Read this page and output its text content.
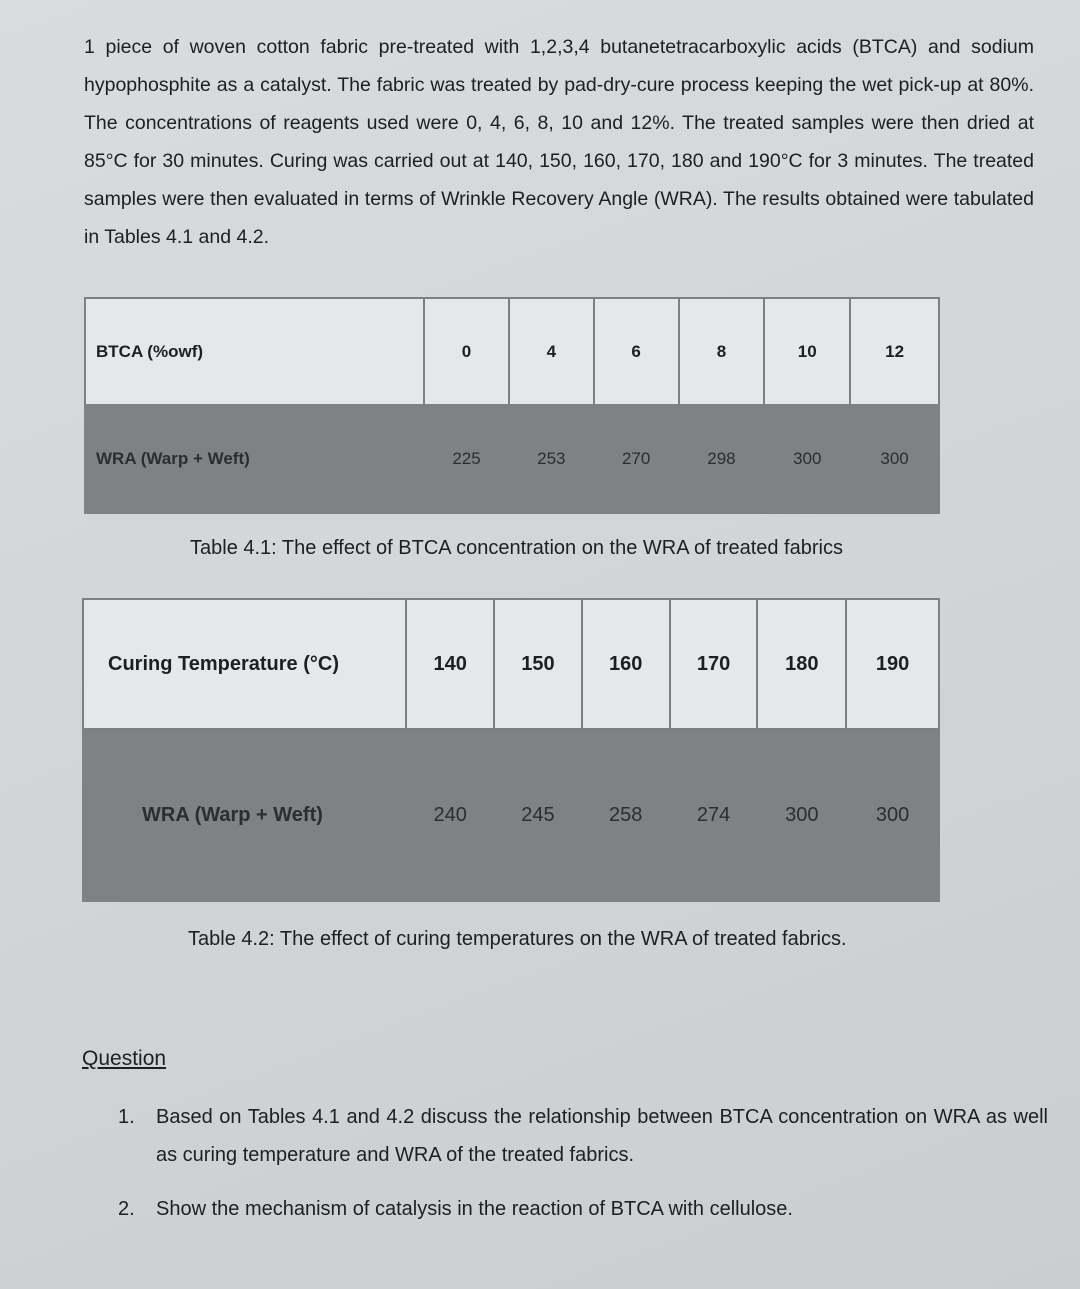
1 piece of woven cotton fabric pre-treated with 1,2,3,4 butanetetracarboxylic acids (BTCA) and sodium hypophosphite as a catalyst. The fabric was treated by pad-dry-cure process keeping the wet pick-up at 80%. The concentrations of reagents used were 0, 4, 6, 8, 10 and 12%. The treated samples were then dried at 85°C for 30 minutes. Curing was carried out at 140, 150, 160, 170, 180 and 190°C for 3 minutes. The treated samples were then evaluated in terms of Wrinkle Recovery Angle (WRA). The results obtained were tabulated in Tables 4.1 and 4.2.

BTCA (%owf)	0	4	6	8	10	12
WRA (Warp + Weft)	225	253	270	298	300	300
Table 4.1: The effect of BTCA concentration on the WRA of treated fabrics
Curing Temperature (°C)	140	150	160	170	180	190
WRA (Warp + Weft)	240	245	258	274	300	300
Table 4.2: The effect of curing temperatures on the WRA of treated fabrics.
Question
1.	Based on Tables 4.1 and 4.2 discuss the relationship between BTCA concentration on WRA as well as curing temperature and WRA of the treated fabrics.
2.	Show the mechanism of catalysis in the reaction of BTCA with cellulose.
